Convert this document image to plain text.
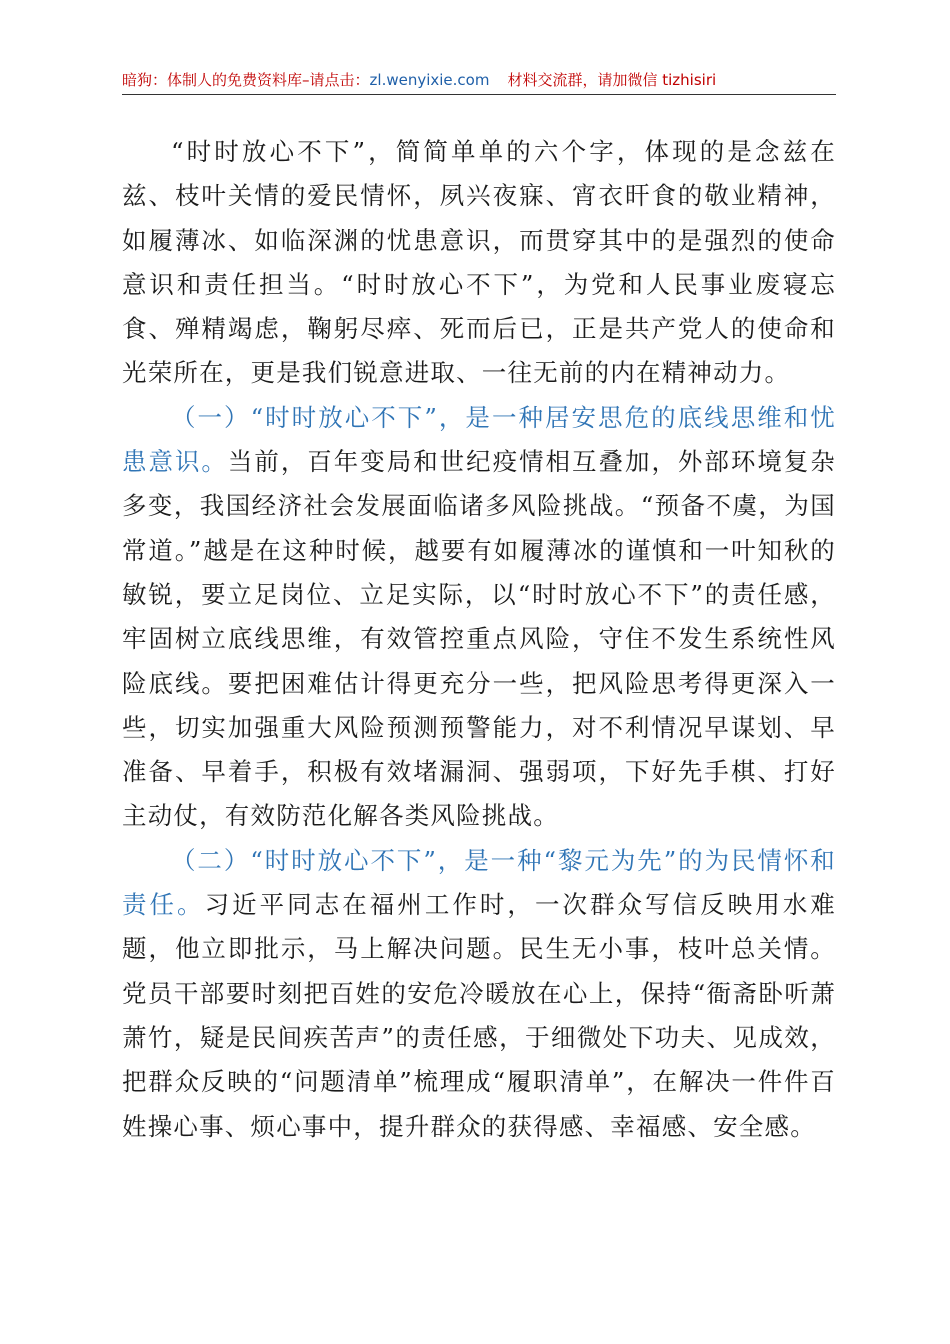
暗狗：体制人的免费资料库–请点击：zl.wenyixie.com 材料交流群，请加微信 tizhisiri

“时时放心不下”，简简单单的六个字，体现的是念兹在兹、枝叶关情的爱民情怀，夙兴夜寐、宵衣旰食的敬业精神，如履薄冰、如临深渊的忧患意识，而贯穿其中的是强烈的使命意识和责任担当。“时时放心不下”，为党和人民事业废寝忘食、殚精竭虑，鞠躬尽瘁、死而后已，正是共产党人的使命和光荣所在，更是我们锐意进取、一往无前的内在精神动力。

（一）“时时放心不下”，是一种居安思危的底线思维和忧患意识。当前，百年变局和世纪疫情相互叠加，外部环境复杂多变，我国经济社会发展面临诸多风险挑战。“预备不虞，为国常道。”越是在这种时候，越要有如履薄冰的谨慎和一叶知秋的敏锐，要立足岗位、立足实际，以“时时放心不下”的责任感，牢固树立底线思维，有效管控重点风险，守住不发生系统性风险底线。要把困难估计得更充分一些，把风险思考得更深入一些，切实加强重大风险预测预警能力，对不利情况早谋划、早准备、早着手，积极有效堵漏洞、强弱项，下好先手棋、打好主动仗，有效防范化解各类风险挑战。

（二）“时时放心不下”，是一种“黎元为先”的为民情怀和责任。习近平同志在福州工作时，一次群众写信反映用水难题，他立即批示，马上解决问题。民生无小事，枝叶总关情。党员干部要时刻把百姓的安危冷暖放在心上，保持“衙斋卧听萧萧竹，疑是民间疾苦声”的责任感，于细微处下功夫、见成效，把群众反映的“问题清单”梳理成“履职清单”，在解决一件件百姓操心事、烦心事中，提升群众的获得感、幸福感、安全感。
